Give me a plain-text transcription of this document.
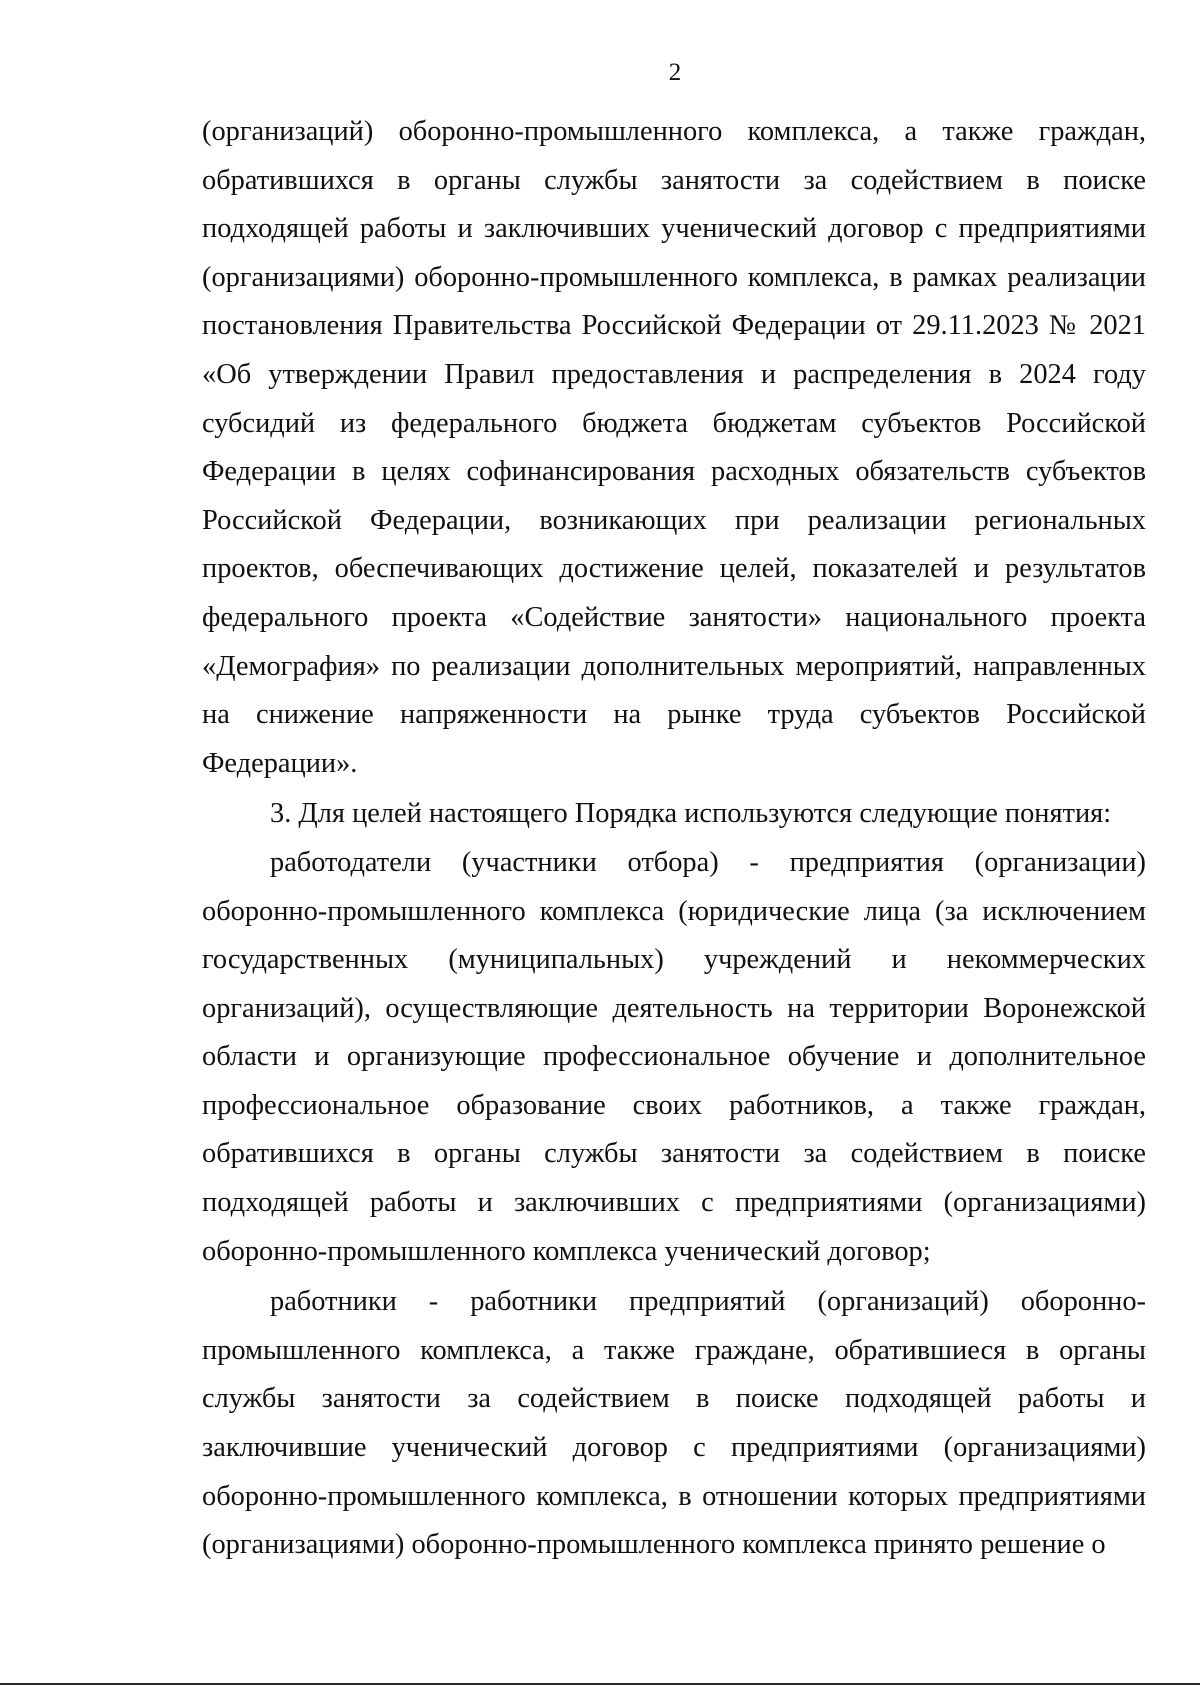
2

(организаций) оборонно-промышленного комплекса, а также граждан, обратившихся в органы службы занятости за содействием в поиске подходящей работы и заключивших ученический договор с предприятиями (организациями) оборонно-промышленного комплекса, в рамках реализации постановления Правительства Российской Федерации от 29.11.2023 № 2021 «Об утверждении Правил предоставления и распределения в 2024 году субсидий из федерального бюджета бюджетам субъектов Российской Федерации в целях софинансирования расходных обязательств субъектов Российской Федерации, возникающих при реализации региональных проектов, обеспечивающих достижение целей, показателей и результатов федерального проекта «Содействие занятости» национального проекта «Демография» по реализации дополнительных мероприятий, направленных на снижение напряженности на рынке труда субъектов Российской Федерации».

3. Для целей настоящего Порядка используются следующие понятия:

работодатели (участники отбора) - предприятия (организации) оборонно-промышленного комплекса (юридические лица (за исключением государственных (муниципальных) учреждений и некоммерческих организаций), осуществляющие деятельность на территории Воронежской области и организующие профессиональное обучение и дополнительное профессиональное образование своих работников, а также граждан, обратившихся в органы службы занятости за содействием в поиске подходящей работы и заключивших с предприятиями (организациями) оборонно-промышленного комплекса ученический договор;

работники - работники предприятий (организаций) оборонно-промышленного комплекса, а также граждане, обратившиеся в органы службы занятости за содействием в поиске подходящей работы и заключившие ученический договор с предприятиями (организациями) оборонно-промышленного комплекса, в отношении которых предприятиями (организациями) оборонно-промышленного комплекса принято решение о
